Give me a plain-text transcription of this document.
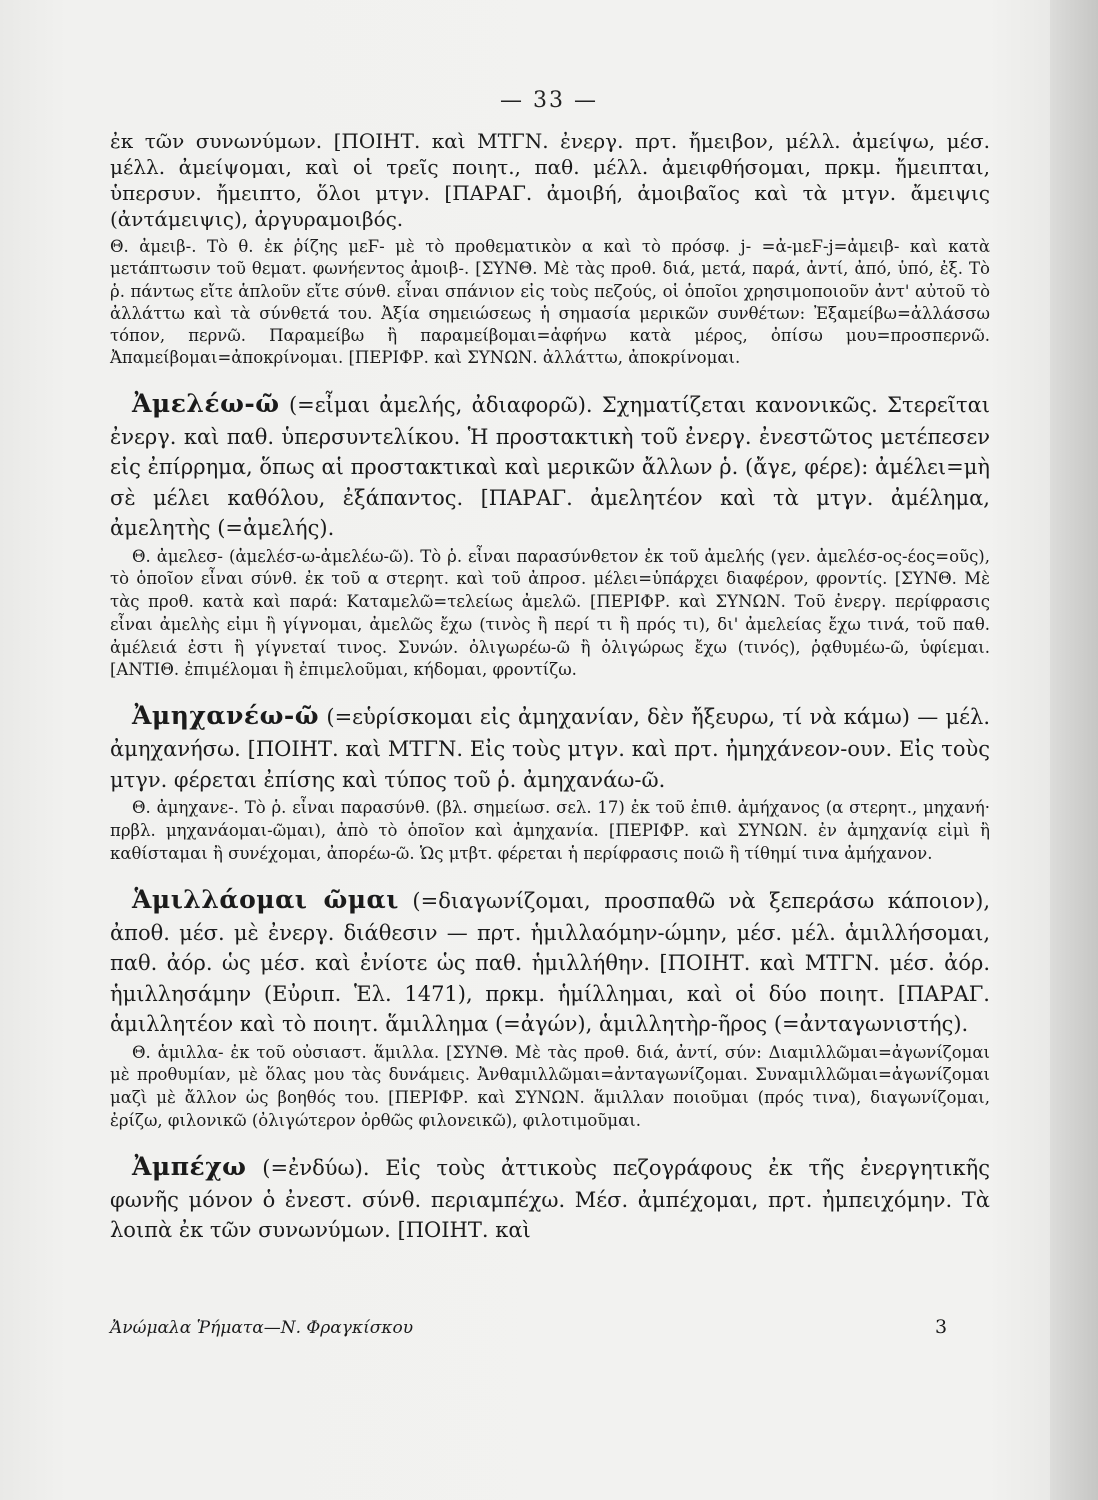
— 33 —

ἐκ τῶν συνωνύμων. [ΠΟΙΗΤ. καὶ ΜΤΓΝ. ἐνεργ. πρτ. ἤμειβον, μέλλ. ἀμείψω, μέσ. μέλλ. ἀμείψομαι, καὶ οἱ τρεῖς ποιητ., παθ. μέλλ. ἀμειφθήσομαι, πρκμ. ἤμειπται, ὑπερσυν. ἤμειπτο, ὅλοι μτγν. [ΠΑΡΑΓ. ἀμοιβή, ἀμοιβαῖος καὶ τὰ μτγν. ἄμειψις (ἀντάμειψις), ἀργυραμοιβός.

Θ. ἀμειβ-. Τὸ θ. ἐκ ῥίζης μεϜ- μὲ τὸ προθεματικὸν α καὶ τὸ πρόσφ. j- =ἀ-μεϜ-j=ἀμειβ- καὶ κατὰ μετάπτωσιν τοῦ θεματ. φωνήεντος ἀμοιβ-. [ΣΥΝΘ. Μὲ τὰς προθ. διά, μετά, παρά, ἀντί, ἀπό, ὑπό, ἐξ. Τὸ ῥ. πάντως εἴτε ἁπλοῦν εἴτε σύνθ. εἶναι σπάνιον εἰς τοὺς πεζούς, οἱ ὁποῖοι χρησιμοποιοῦν ἀντ' αὐτοῦ τὸ ἀλλάττω καὶ τὰ σύνθετά του. Ἀξία σημειώσεως ἡ σημασία μερικῶν συνθέτων: Ἐξαμείβω=ἀλλάσσω τόπον, περνῶ. Παραμείβω ἢ παραμείβομαι=ἀφήνω κατὰ μέρος, ὀπίσω μου=προσπερνῶ. Ἀπαμείβομαι=ἀποκρίνομαι. [ΠΕΡΙΦΡ. καὶ ΣΥΝΩΝ. ἀλλάττω, ἀποκρίνομαι.

Ἀμελέω-ῶ (=εἶμαι ἀμελής, ἀδιαφορῶ). Σχηματίζεται κανονικῶς. Στερεῖται ἐνεργ. καὶ παθ. ὑπερσυντελίκου. Ἡ προστακτικὴ τοῦ ἐνεργ. ἐνεστῶτος μετέπεσεν εἰς ἐπίρρημα, ὅπως αἱ προστακτικαὶ καὶ μερικῶν ἄλλων ῥ. (ἄγε, φέρε): ἀμέλει=μὴ σὲ μέλει καθόλου, ἐξάπαντος. [ΠΑΡΑΓ. ἀμελητέον καὶ τὰ μτγν. ἀμέλημα, ἀμελητὴς (=ἀμελής).

Θ. ἀμελεσ- (ἀμελέσ-ω-ἀμελέω-ῶ). Τὸ ῥ. εἶναι παρασύνθετον ἐκ τοῦ ἀμελής (γεν. ἀμελέσ-ος-έος=οῦς), τὸ ὁποῖον εἶναι σύνθ. ἐκ τοῦ α στερητ. καὶ τοῦ ἀπροσ. μέλει=ὑπάρχει διαφέρον, φροντίς. [ΣΥΝΘ. Μὲ τὰς προθ. κατὰ καὶ παρά: Καταμελῶ=τελείως ἀμελῶ. [ΠΕΡΙΦΡ. καὶ ΣΥΝΩΝ. Τοῦ ἐνεργ. περίφρασις εἶναι ἀμελὴς εἰμι ἢ γίγνομαι, ἀμελῶς ἔχω (τινὸς ἢ περί τι ἢ πρός τι), δι' ἀμελείας ἔχω τινά, τοῦ παθ. ἀμέλειά ἐστι ἢ γίγνεταί τινος. Συνών. ὀλιγωρέω-ῶ ἢ ὀλιγώρως ἔχω (τινός), ῥᾳθυμέω-ῶ, ὑφίεμαι. [ΑΝΤΙΘ. ἐπιμέλομαι ἢ ἐπιμελοῦμαι, κήδομαι, φροντίζω.

Ἀμηχανέω-ῶ (=εὑρίσκομαι εἰς ἀμηχανίαν, δὲν ἤξευρω, τί νὰ κάμω) — μέλ. ἀμηχανήσω. [ΠΟΙΗΤ. καὶ ΜΤΓΝ. Εἰς τοὺς μτγν. καὶ πρτ. ἠμηχάνεον-ουν. Εἰς τοὺς μτγν. φέρεται ἐπίσης καὶ τύπος τοῦ ῥ. ἀμηχανάω-ῶ.

Θ. ἀμηχανε-. Τὸ ῥ. εἶναι παρασύνθ. (βλ. σημείωσ. σελ. 17) ἐκ τοῦ ἐπιθ. ἀμήχανος (α στερητ., μηχανή· πρβλ. μηχανάομαι-ῶμαι), ἀπὸ τὸ ὁποῖον καὶ ἀμηχανία. [ΠΕΡΙΦΡ. καὶ ΣΥΝΩΝ. ἐν ἀμηχανίᾳ εἰμὶ ἢ καθίσταμαι ἢ συνέχομαι, ἀπορέω-ῶ. Ὡς μτβτ. φέρεται ἡ περίφρασις ποιῶ ἢ τίθημί τινα ἀμήχανον.

Ἁμιλλάομαι ῶμαι (=διαγωνίζομαι, προσπαθῶ νὰ ξεπεράσω κάποιον), ἀποθ. μέσ. μὲ ἐνεργ. διάθεσιν — πρτ. ἡμιλλαόμην-ώμην, μέσ. μέλ. ἁμιλλήσομαι, παθ. ἀόρ. ὡς μέσ. καὶ ἐνίοτε ὡς παθ. ἡμιλλήθην. [ΠΟΙΗΤ. καὶ ΜΤΓΝ. μέσ. ἀόρ. ἡμιλλησάμην (Εὐριπ. Ἑλ. 1471), πρκμ. ἡμίλλημαι, καὶ οἱ δύο ποιητ. [ΠΑΡΑΓ. ἁμιλλητέον καὶ τὸ ποιητ. ἅμιλλημα (=ἀγών), ἁμιλλητὴρ-ῆρος (=ἀνταγωνιστής).

Θ. ἁμιλλα- ἐκ τοῦ οὐσιαστ. ἅμιλλα. [ΣΥΝΘ. Μὲ τὰς προθ. διά, ἀντί, σύν: Διαμιλλῶμαι=ἀγωνίζομαι μὲ προθυμίαν, μὲ ὅλας μου τὰς δυνάμεις. Ἀνθαμιλλῶμαι=ἀνταγωνίζομαι. Συναμιλλῶμαι=ἀγωνίζομαι μαζὶ μὲ ἄλλον ὡς βοηθός του. [ΠΕΡΙΦΡ. καὶ ΣΥΝΩΝ. ἅμιλλαν ποιοῦμαι (πρός τινα), διαγωνίζομαι, ἐρίζω, φιλονικῶ (ὀλιγώτερον ὀρθῶς φιλονεικῶ), φιλοτιμοῦμαι.

Ἀμπέχω (=ἐνδύω). Εἰς τοὺς ἀττικοὺς πεζογράφους ἐκ τῆς ἐνεργητικῆς φωνῆς μόνον ὁ ἐνεστ. σύνθ. περιαμπέχω. Μέσ. ἀμπέχομαι, πρτ. ἠμπειχόμην. Τὰ λοιπὰ ἐκ τῶν συνωνύμων. [ΠΟΙΗΤ. καὶ

Ἀνώμαλα Ῥήματα—Ν. Φραγκίσκου	3
